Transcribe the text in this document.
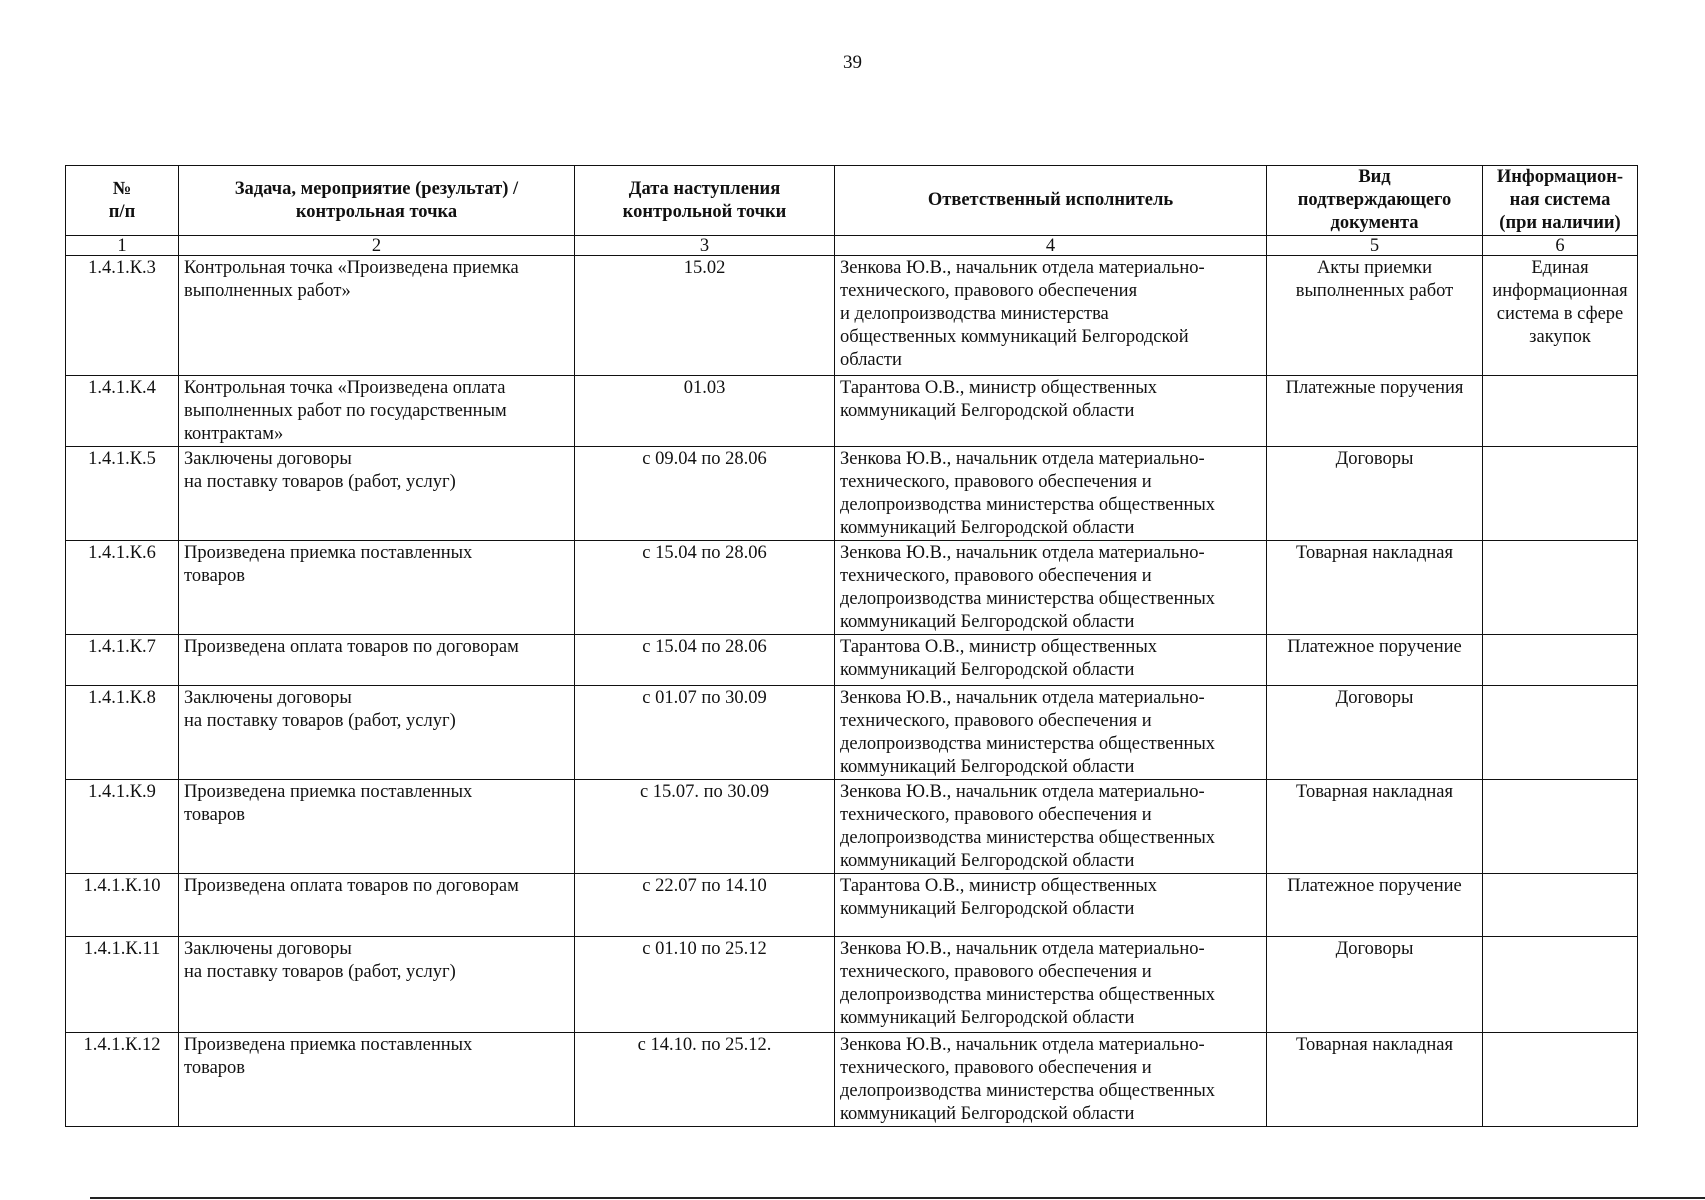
39
№
п/п	Задача, мероприятие (результат) /
контрольная точка	Дата наступления
контрольной точки	Ответственный исполнитель	Вид
подтверждающего
документа	Информацион-
ная система
(при наличии)
1	2	3	4	5	6
1.4.1.К.3	Контрольная точка «Произведена приемка выполненных работ»	15.02	Зенкова Ю.В., начальник отдела материально-
технического, правового обеспечения
и делопроизводства министерства
общественных коммуникаций Белгородской
области	Акты приемки выполненных работ	Единая информационная система в сфере закупок
1.4.1.К.4	Контрольная точка «Произведена оплата выполненных работ по государственным контрактам»	01.03	Тарантова О.В., министр общественных
коммуникаций Белгородской области	Платежные поручения	
1.4.1.К.5	Заключены договоры
на поставку товаров (работ, услуг)	с 09.04 по 28.06	Зенкова Ю.В., начальник отдела материально-
технического, правового обеспечения и
делопроизводства министерства общественных
коммуникаций Белгородской области	Договоры	
1.4.1.К.6	Произведена приемка поставленных
товаров	с 15.04 по 28.06	Зенкова Ю.В., начальник отдела материально-
технического, правового обеспечения и
делопроизводства министерства общественных
коммуникаций Белгородской области	Товарная накладная	
1.4.1.К.7	Произведена оплата товаров по договорам	с 15.04 по 28.06	Тарантова О.В., министр общественных
коммуникаций Белгородской области	Платежное поручение	
1.4.1.К.8	Заключены договоры
на поставку товаров (работ, услуг)	с 01.07 по 30.09	Зенкова Ю.В., начальник отдела материально-
технического, правового обеспечения и
делопроизводства министерства общественных
коммуникаций Белгородской области	Договоры	
1.4.1.К.9	Произведена приемка поставленных
товаров	с 15.07. по 30.09	Зенкова Ю.В., начальник отдела материально-
технического, правового обеспечения и
делопроизводства министерства общественных
коммуникаций Белгородской области	Товарная накладная	
1.4.1.К.10	Произведена оплата товаров по договорам	с 22.07 по 14.10	Тарантова О.В., министр общественных
коммуникаций Белгородской области	Платежное поручение	
1.4.1.К.11	Заключены договоры
на поставку товаров (работ, услуг)	с 01.10 по 25.12	Зенкова Ю.В., начальник отдела материально-
технического, правового обеспечения и
делопроизводства министерства общественных
коммуникаций Белгородской области	Договоры	
1.4.1.К.12	Произведена приемка поставленных
товаров	с 14.10. по 25.12.	Зенкова Ю.В., начальник отдела материально-
технического, правового обеспечения и
делопроизводства министерства общественных
коммуникаций Белгородской области	Товарная накладная	
